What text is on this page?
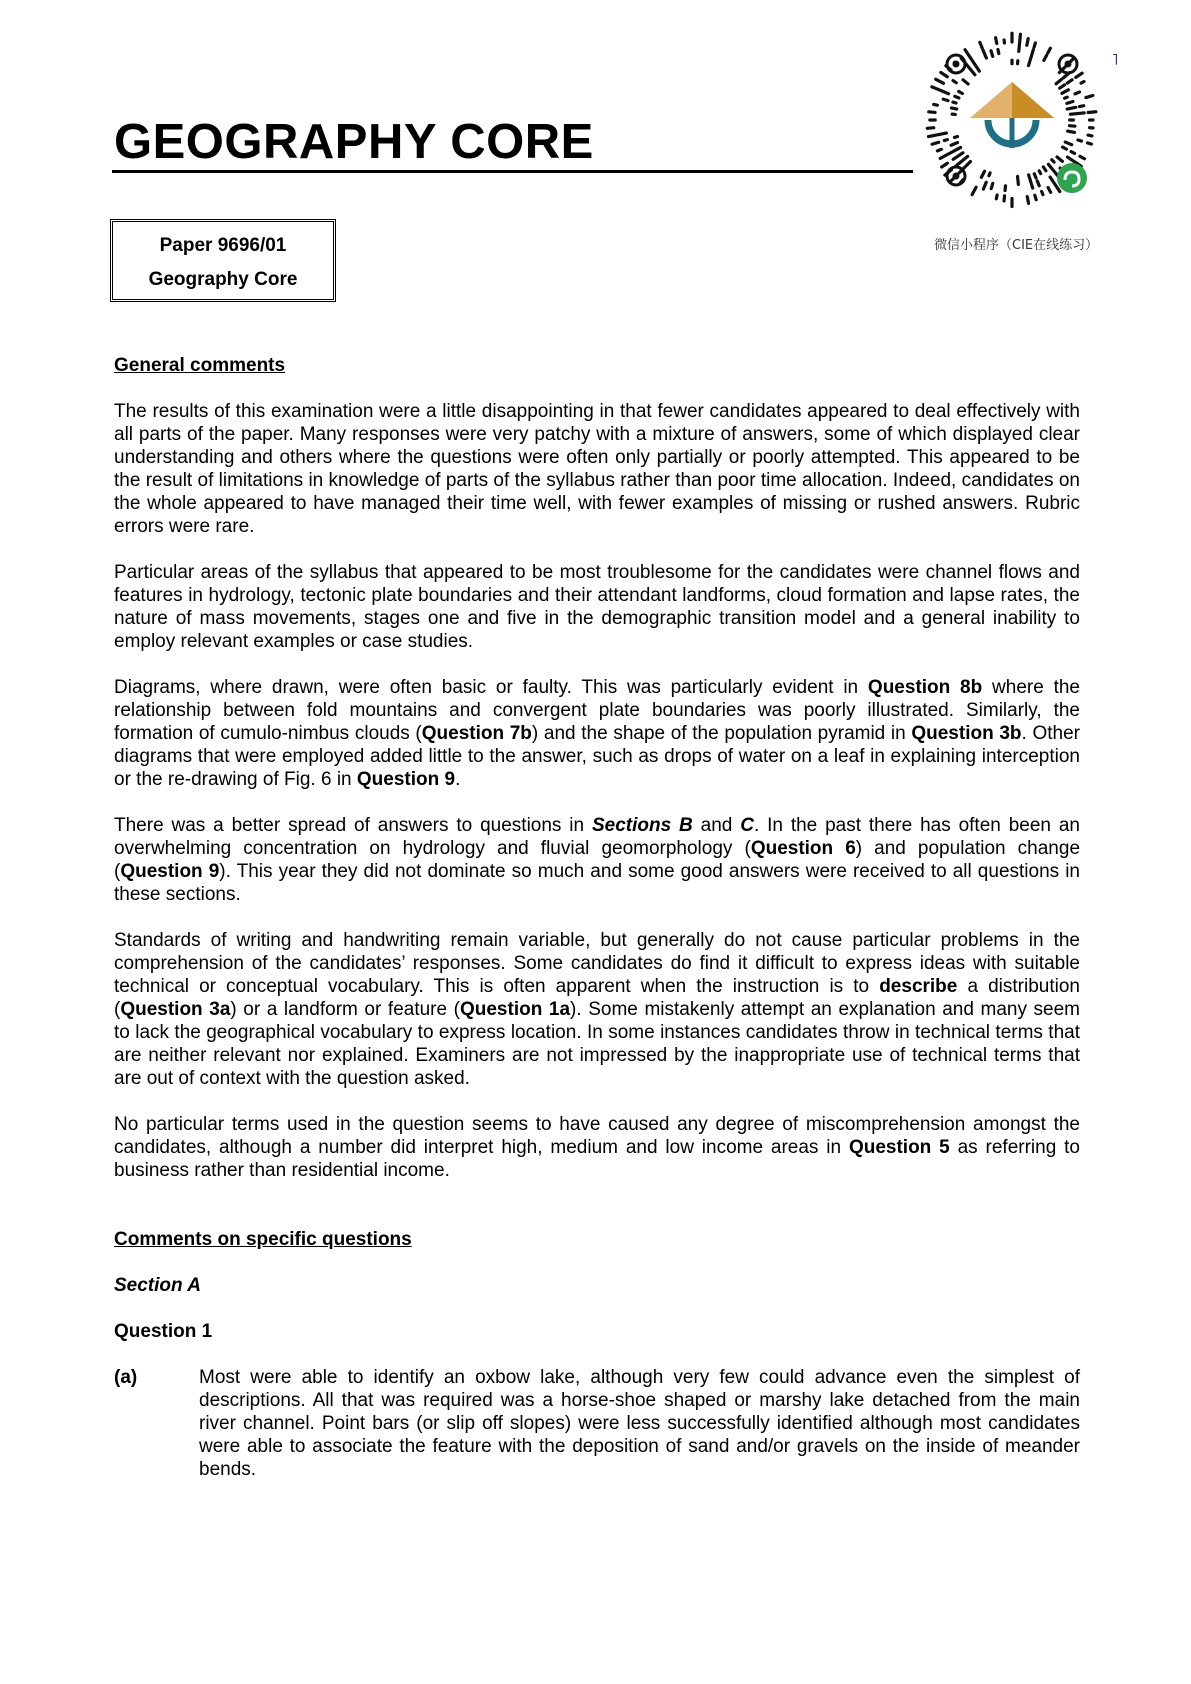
GEOGRAPHY CORE
微信小程序（CIE在线练习）
˥
Paper 9696/01
Geography Core
General comments

The results of this examination were a little disappointing in that fewer candidates appeared to deal effectively with all parts of the paper. Many responses were very patchy with a mixture of answers, some of which displayed clear understanding and others where the questions were often only partially or poorly attempted. This appeared to be the result of limitations in knowledge of parts of the syllabus rather than poor time allocation. Indeed, candidates on the whole appeared to have managed their time well, with fewer examples of missing or rushed answers. Rubric errors were rare.

Particular areas of the syllabus that appeared to be most troublesome for the candidates were channel flows and features in hydrology, tectonic plate boundaries and their attendant landforms, cloud formation and lapse rates, the nature of mass movements, stages one and five in the demographic transition model and a general inability to employ relevant examples or case studies.

Diagrams, where drawn, were often basic or faulty. This was particularly evident in Question 8b where the relationship between fold mountains and convergent plate boundaries was poorly illustrated. Similarly, the formation of cumulo-nimbus clouds (Question 7b) and the shape of the population pyramid in Question 3b. Other diagrams that were employed added little to the answer, such as drops of water on a leaf in explaining interception or the re-drawing of Fig. 6 in Question 9.

There was a better spread of answers to questions in Sections B and C. In the past there has often been an overwhelming concentration on hydrology and fluvial geomorphology (Question 6) and population change (Question 9). This year they did not dominate so much and some good answers were received to all questions in these sections.

Standards of writing and handwriting remain variable, but generally do not cause particular problems in the comprehension of the candidates’ responses. Some candidates do find it difficult to express ideas with suitable technical or conceptual vocabulary. This is often apparent when the instruction is to describe a distribution (Question 3a) or a landform or feature (Question 1a). Some mistakenly attempt an explanation and many seem to lack the geographical vocabulary to express location. In some instances candidates throw in technical terms that are neither relevant nor explained. Examiners are not impressed by the inappropriate use of technical terms that are out of context with the question asked.

No particular terms used in the question seems to have caused any degree of miscomprehension amongst the candidates, although a number did interpret high, medium and low income areas in Question 5 as referring to business rather than residential income.

Comments on specific questions
Section A
Question 1
(a)	Most were able to identify an oxbow lake, although very few could advance even the simplest of descriptions. All that was required was a horse-shoe shaped or marshy lake detached from the main river channel. Point bars (or slip off slopes) were less successfully identified although most candidates were able to associate the feature with the deposition of sand and/or gravels on the inside of meander bends.
